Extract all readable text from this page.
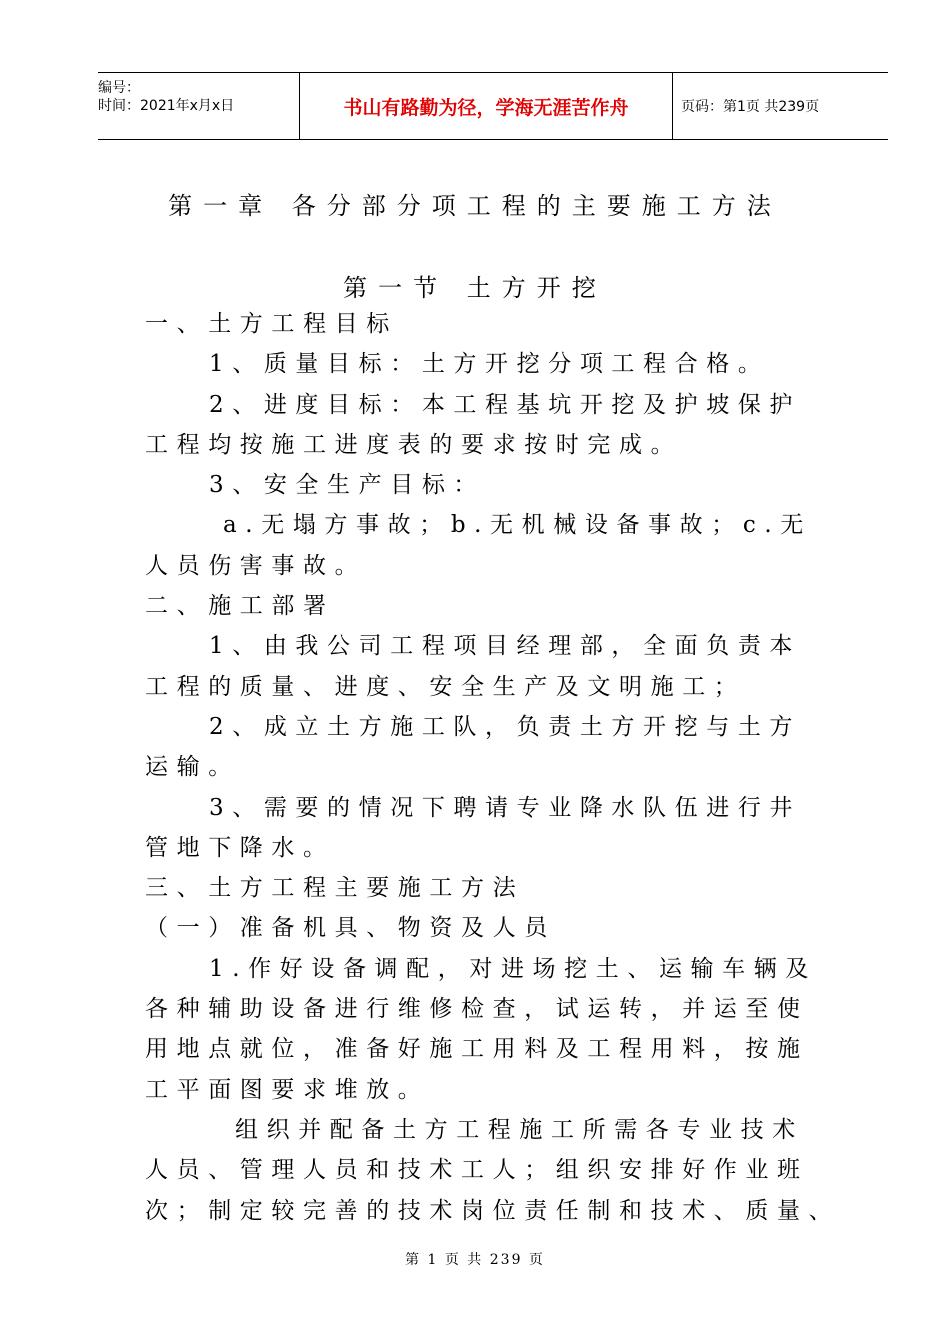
编号：
时间：2021年x月x日	书山有路勤为径，学海无涯苦作舟	页码：第1页 共239页
第一章 各分部分项工程的主要施工方法
第一节 土方开挖

一、土方工程目标

1、质量目标：土方开挖分项工程合格。

2、进度目标：本工程基坑开挖及护坡保护

工程均按施工进度表的要求按时完成。

3、安全生产目标：

a.无塌方事故；b.无机械设备事故；c.无

人员伤害事故。

二、施工部署

1、由我公司工程项目经理部，全面负责本

工程的质量、进度、安全生产及文明施工；

2、成立土方施工队，负责土方开挖与土方

运输。

3、需要的情况下聘请专业降水队伍进行井

管地下降水。

三、土方工程主要施工方法

（一）准备机具、物资及人员

1.作好设备调配，对进场挖土、运输车辆及

各种辅助设备进行维修检查，试运转，并运至使

用地点就位，准备好施工用料及工程用料，按施

工平面图要求堆放。

组织并配备土方工程施工所需各专业技术

人员、管理人员和技术工人；组织安排好作业班

次；制定较完善的技术岗位责任制和技术、质量、

第 1 页 共 239 页
